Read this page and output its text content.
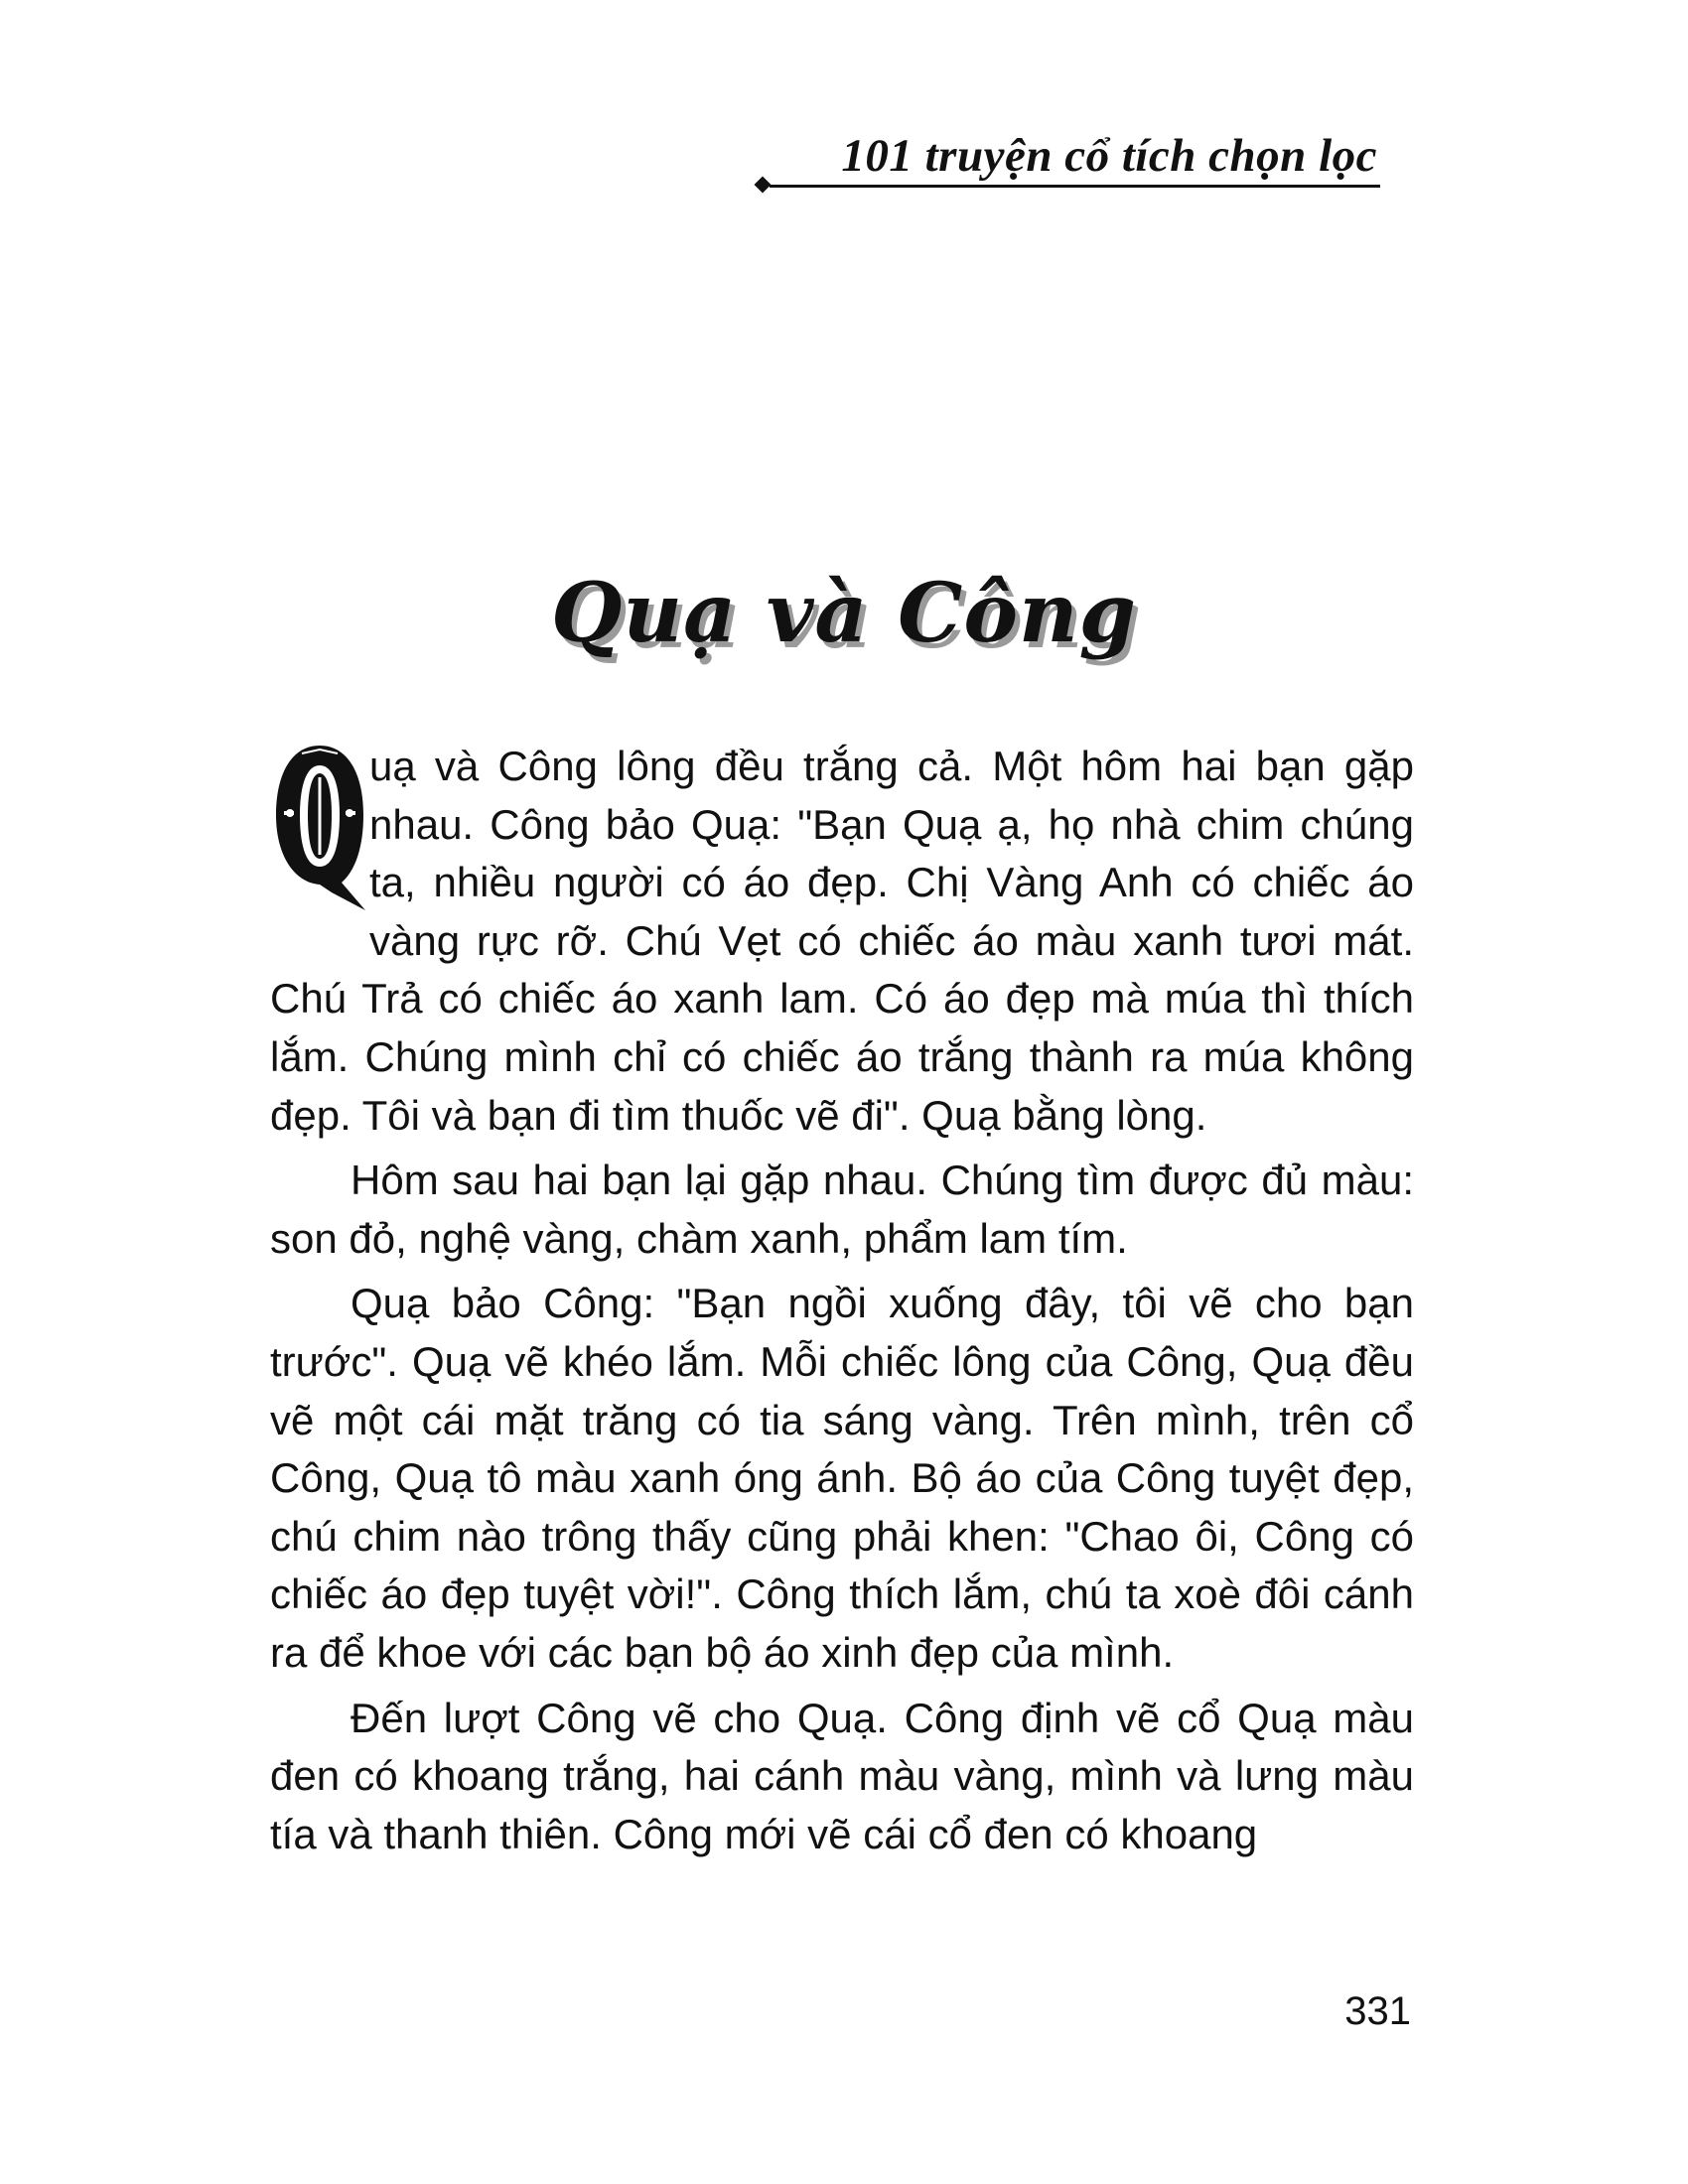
101 truyện cổ tích chọn lọc
Quạ và Công

uạ và Công lông đều trắng cả. Một hôm hai bạn gặp nhau. Công bảo Quạ: "Bạn Quạ ạ, họ nhà chim chúng ta, nhiều người có áo đẹp. Chị Vàng Anh có chiếc áo vàng rực rỡ. Chú Vẹt có chiếc áo màu xanh tươi mát. Chú Trả có chiếc áo xanh lam. Có áo đẹp mà múa thì thích lắm. Chúng mình chỉ có chiếc áo trắng thành ra múa không đẹp. Tôi và bạn đi tìm thuốc vẽ đi". Quạ bằng lòng.

Hôm sau hai bạn lại gặp nhau. Chúng tìm được đủ màu: son đỏ, nghệ vàng, chàm xanh, phẩm lam tím.

Quạ bảo Công: "Bạn ngồi xuống đây, tôi vẽ cho bạn trước". Quạ vẽ khéo lắm. Mỗi chiếc lông của Công, Quạ đều vẽ một cái mặt trăng có tia sáng vàng. Trên mình, trên cổ Công, Quạ tô màu xanh óng ánh. Bộ áo của Công tuyệt đẹp, chú chim nào trông thấy cũng phải khen: "Chao ôi, Công có chiếc áo đẹp tuyệt vời!". Công thích lắm, chú ta xoè đôi cánh ra để khoe với các bạn bộ áo xinh đẹp của mình.

Đến lượt Công vẽ cho Quạ. Công định vẽ cổ Quạ màu đen có khoang trắng, hai cánh màu vàng, mình và lưng màu tía và thanh thiên. Công mới vẽ cái cổ đen có khoang

331
